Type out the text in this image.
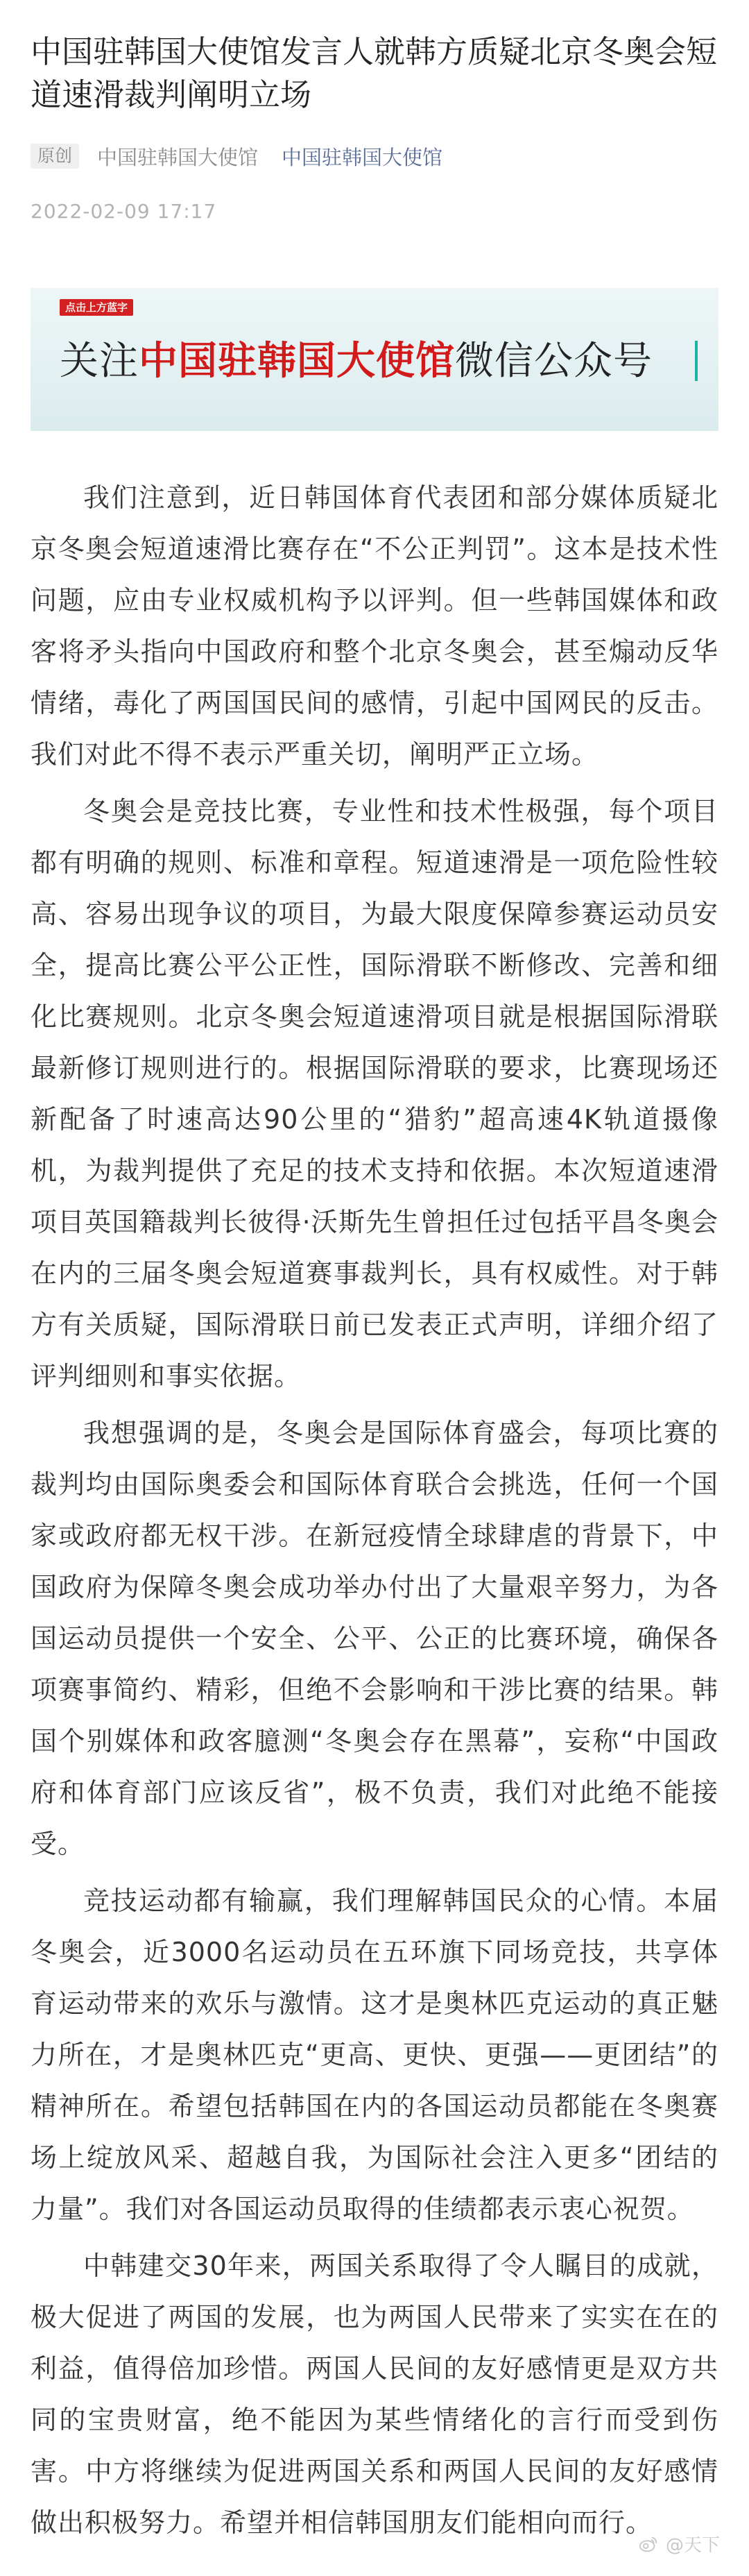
中国驻韩国大使馆发言人就韩方质疑北京冬奥会短道速滑裁判阐明立场
原创	中国驻韩国大使馆 中国驻韩国大使馆
2022-02-09 17:17
点击上方蓝字
关注中国驻韩国大使馆微信公众号

我们注意到，近日韩国体育代表团和部分媒体质疑北京冬奥会短道速滑比赛存在“不公正判罚”。这本是技术性问题，应由专业权威机构予以评判。但一些韩国媒体和政客将矛头指向中国政府和整个北京冬奥会，甚至煽动反华情绪，毒化了两国国民间的感情，引起中国网民的反击。我们对此不得不表示严重关切，阐明严正立场。

冬奥会是竞技比赛，专业性和技术性极强，每个项目都有明确的规则、标准和章程。短道速滑是一项危险性较高、容易出现争议的项目，为最大限度保障参赛运动员安全，提高比赛公平公正性，国际滑联不断修改、完善和细化比赛规则。北京冬奥会短道速滑项目就是根据国际滑联最新修订规则进行的。根据国际滑联的要求，比赛现场还新配备了时速高达90公里的“猎豹”超高速4K轨道摄像机，为裁判提供了充足的技术支持和依据。本次短道速滑项目英国籍裁判长彼得·沃斯先生曾担任过包括平昌冬奥会在内的三届冬奥会短道赛事裁判长，具有权威性。对于韩方有关质疑，国际滑联日前已发表正式声明，详细介绍了评判细则和事实依据。

我想强调的是，冬奥会是国际体育盛会，每项比赛的裁判均由国际奥委会和国际体育联合会挑选，任何一个国家或政府都无权干涉。在新冠疫情全球肆虐的背景下，中国政府为保障冬奥会成功举办付出了大量艰辛努力，为各国运动员提供一个安全、公平、公正的比赛环境，确保各项赛事简约、精彩，但绝不会影响和干涉比赛的结果。韩国个别媒体和政客臆测“冬奥会存在黑幕”，妄称“中国政府和体育部门应该反省”，极不负责，我们对此绝不能接受。

竞技运动都有输赢，我们理解韩国民众的心情。本届冬奥会，近3000名运动员在五环旗下同场竞技，共享体育运动带来的欢乐与激情。这才是奥林匹克运动的真正魅力所在，才是奥林匹克“更高、更快、更强——更团结”的精神所在。希望包括韩国在内的各国运动员都能在冬奥赛场上绽放风采、超越自我，为国际社会注入更多“团结的力量”。我们对各国运动员取得的佳绩都表示衷心祝贺。

中韩建交30年来，两国关系取得了令人瞩目的成就，极大促进了两国的发展，也为两国人民带来了实实在在的利益，值得倍加珍惜。两国人民间的友好感情更是双方共同的宝贵财富，绝不能因为某些情绪化的言行而受到伤害。中方将继续为促进两国关系和两国人民间的友好感情做出积极努力。希望并相信韩国朋友们能相向而行。

@天下
